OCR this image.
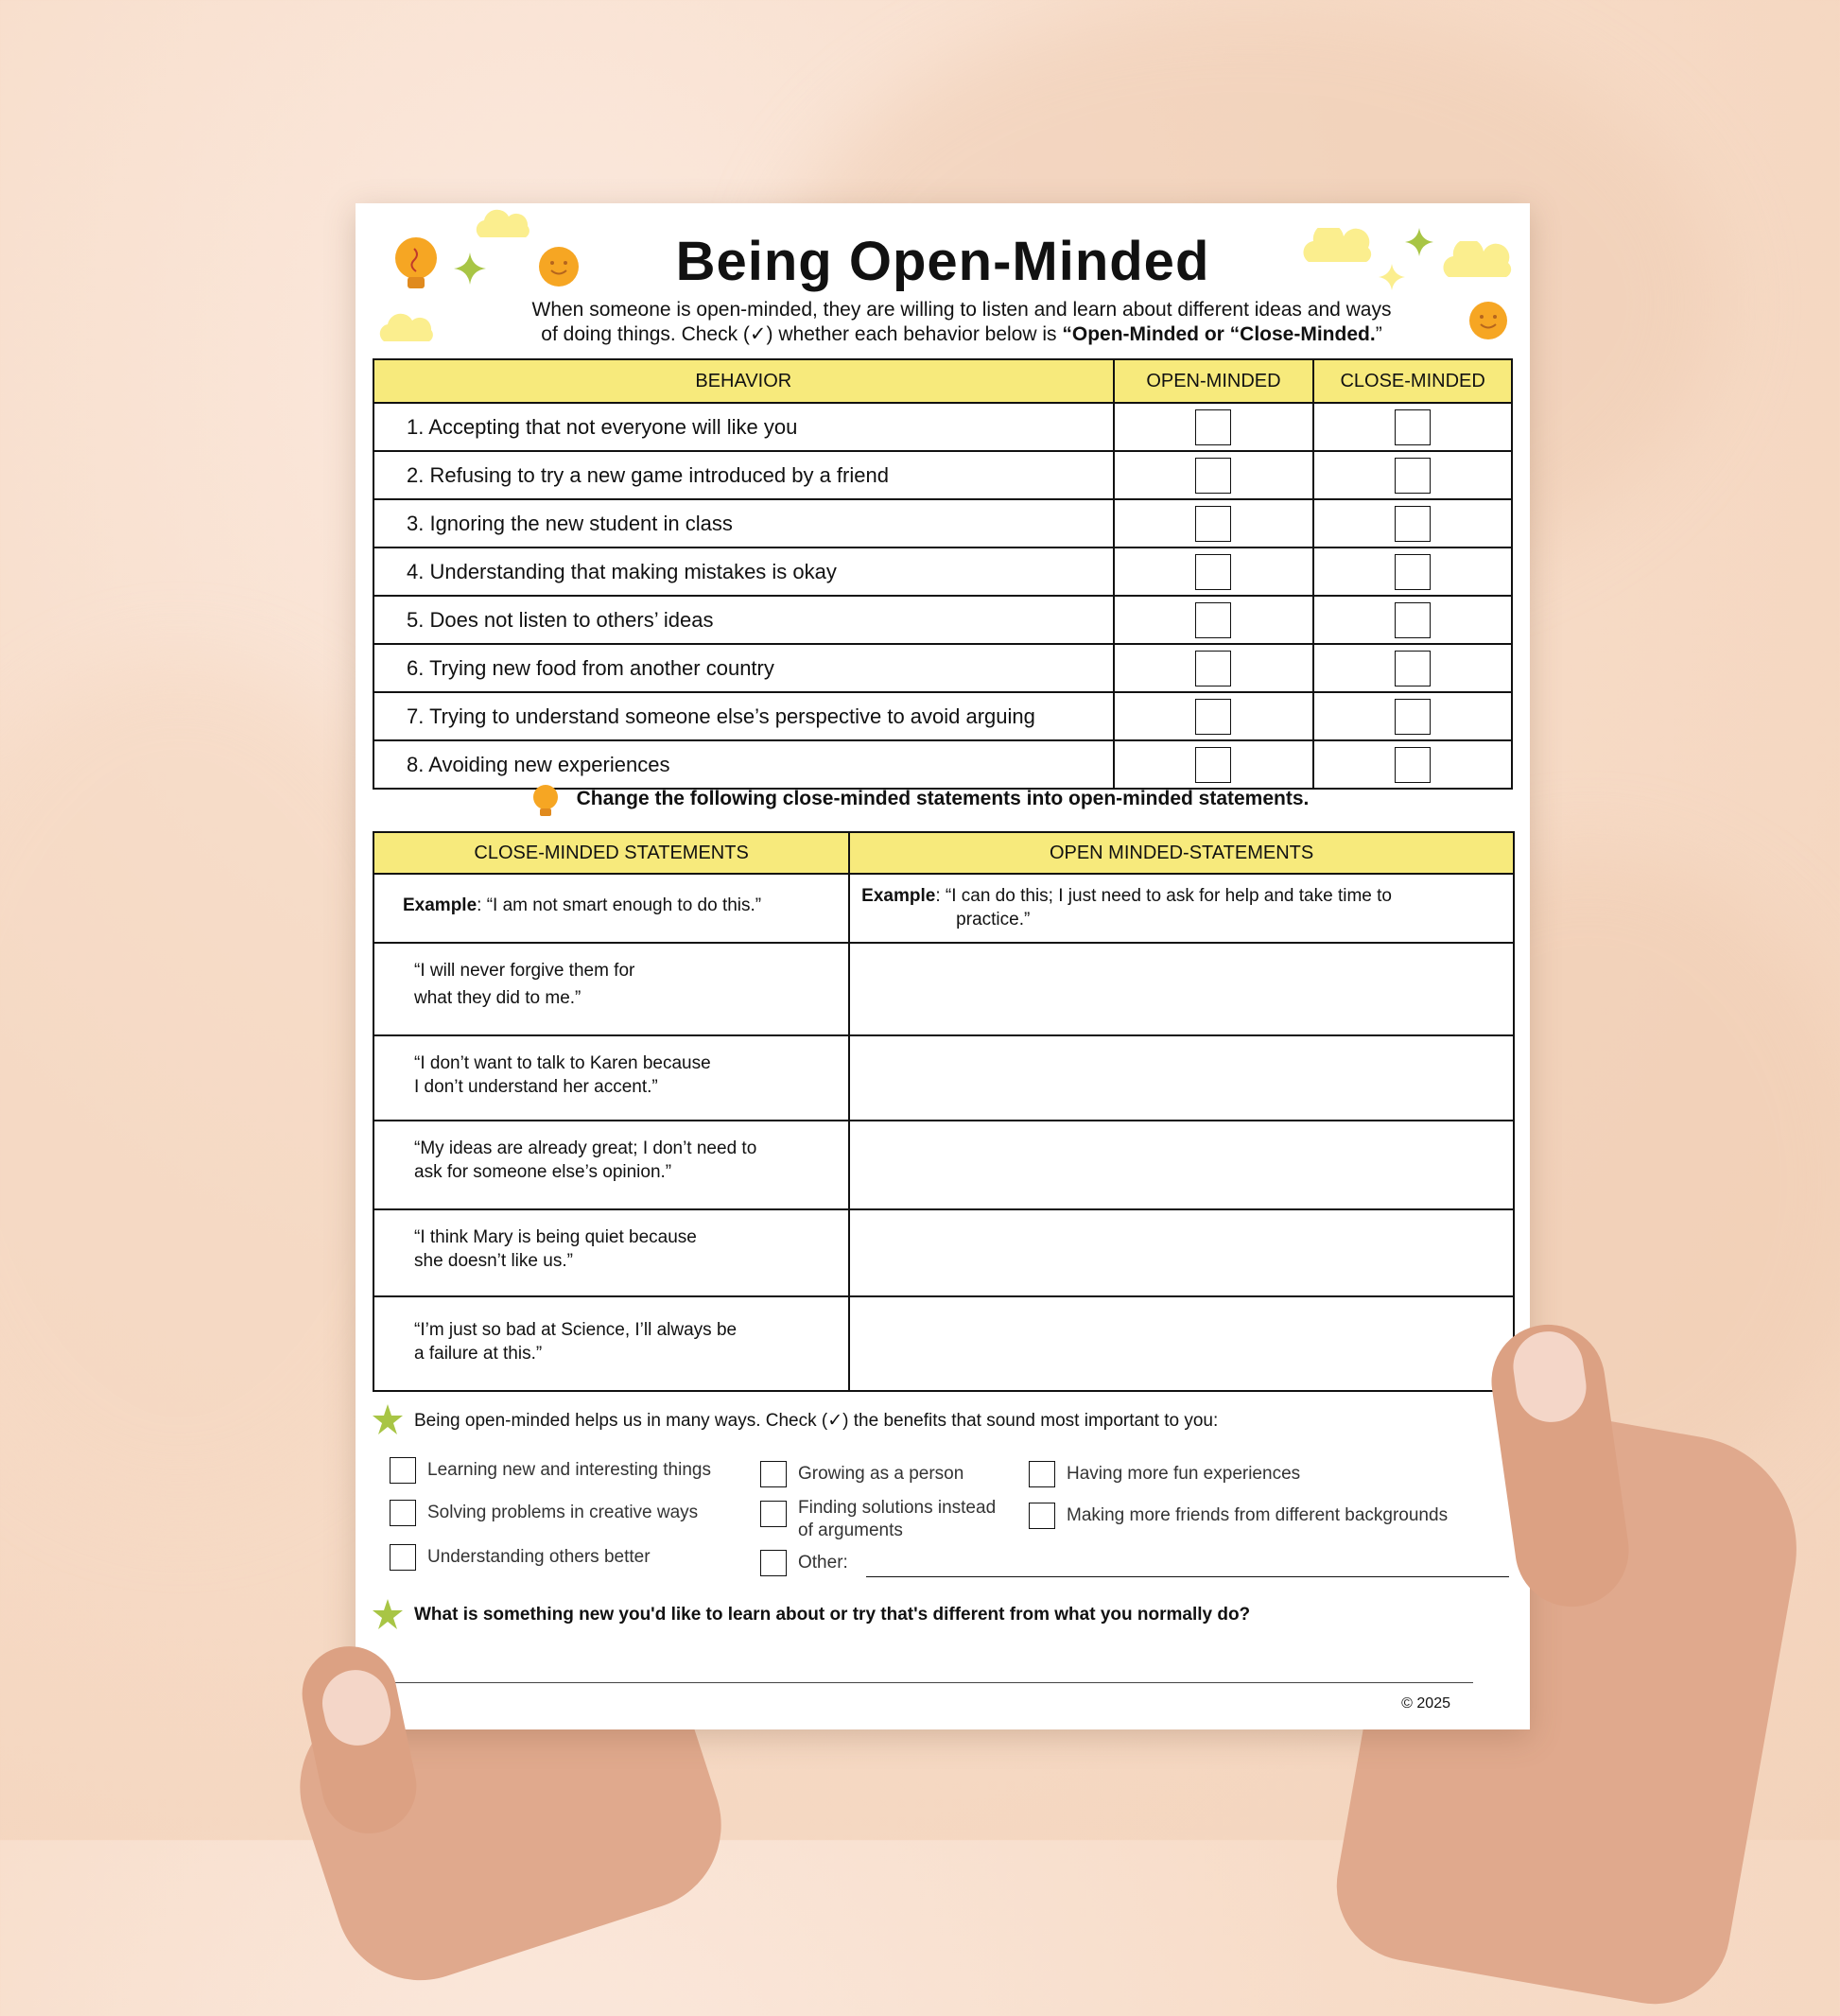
Being Open-Minded
When someone is open-minded, they are willing to listen and learn about different ideas and ways
of doing things. Check (✓) whether each behavior below is “Open-Minded or “Close-Minded.”
BEHAVIOR	OPEN-MINDED	CLOSE-MINDED
1. Accepting that not everyone will like you		
2. Refusing to try a new game introduced by a friend		
3. Ignoring the new student in class		
4. Understanding that making mistakes is okay		
5. Does not listen to others’ ideas		
6. Trying new food from another country		
7. Trying to understand someone else’s perspective to avoid arguing		
8. Avoiding new experiences		
Change the following close-minded statements into open-minded statements.
CLOSE-MINDED STATEMENTS	OPEN MINDED-STATEMENTS
Example: “I am not smart enough to do this.”	Example: “I can do this; I just need to ask for help and take time to
practice.”

“I will never forgive them for
what they did to me.”	

“I don’t want to talk to Karen because
I don’t understand her accent.”	

“My ideas are already great; I don’t need to
ask for someone else’s opinion.”	

“I think Mary is being quiet because
she doesn’t like us.”	

“I’m just so bad at Science, I’ll always be
a failure at this.”	

Being open-minded helps us in many ways. Check (✓) the benefits that sound most important to you:
Learning new and interesting things
Solving problems in creative ways
Understanding others better
Growing as a person
Finding solutions instead
of arguments
Other:
Having more fun experiences
Making more friends from different backgrounds
What is something new you'd like to learn about or try that's different from what you normally do?
© 2025
